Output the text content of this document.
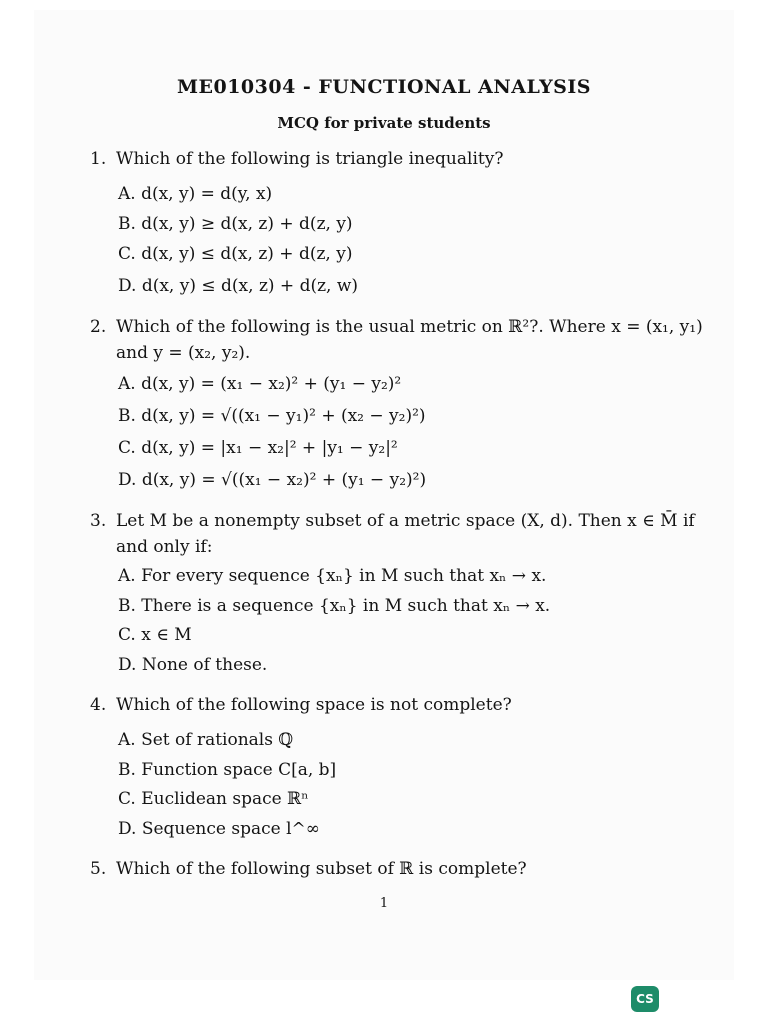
ME010304 - FUNCTIONAL ANALYSIS
MCQ for private students
1. Which of the following is triangle inequality?
A. d(x, y) = d(y, x)
B. d(x, y) ≥ d(x, z) + d(z, y)
C. d(x, y) ≤ d(x, z) + d(z, y)
D. d(x, y) ≤ d(x, z) + d(z, w)
2. Which of the following is the usual metric on ℝ²?. Where x = (x₁, y₁)
and y = (x₂, y₂).
A. d(x, y) = (x₁ − x₂)² + (y₁ − y₂)²
B. d(x, y) = √((x₁ − y₁)² + (x₂ − y₂)²)
C. d(x, y) = |x₁ − x₂|² + |y₁ − y₂|²
D. d(x, y) = √((x₁ − x₂)² + (y₁ − y₂)²)
3. Let M be a nonempty subset of a metric space (X, d). Then x ∈ M̄ if
and only if:
A. For every sequence {xₙ} in M such that xₙ → x.
B. There is a sequence {xₙ} in M such that xₙ → x.
C. x ∈ M
D. None of these.
4. Which of the following space is not complete?
A. Set of rationals ℚ
B. Function space C[a, b]
C. Euclidean space ℝⁿ
D. Sequence space l^∞
5. Which of the following subset of ℝ is complete?
1
CS
